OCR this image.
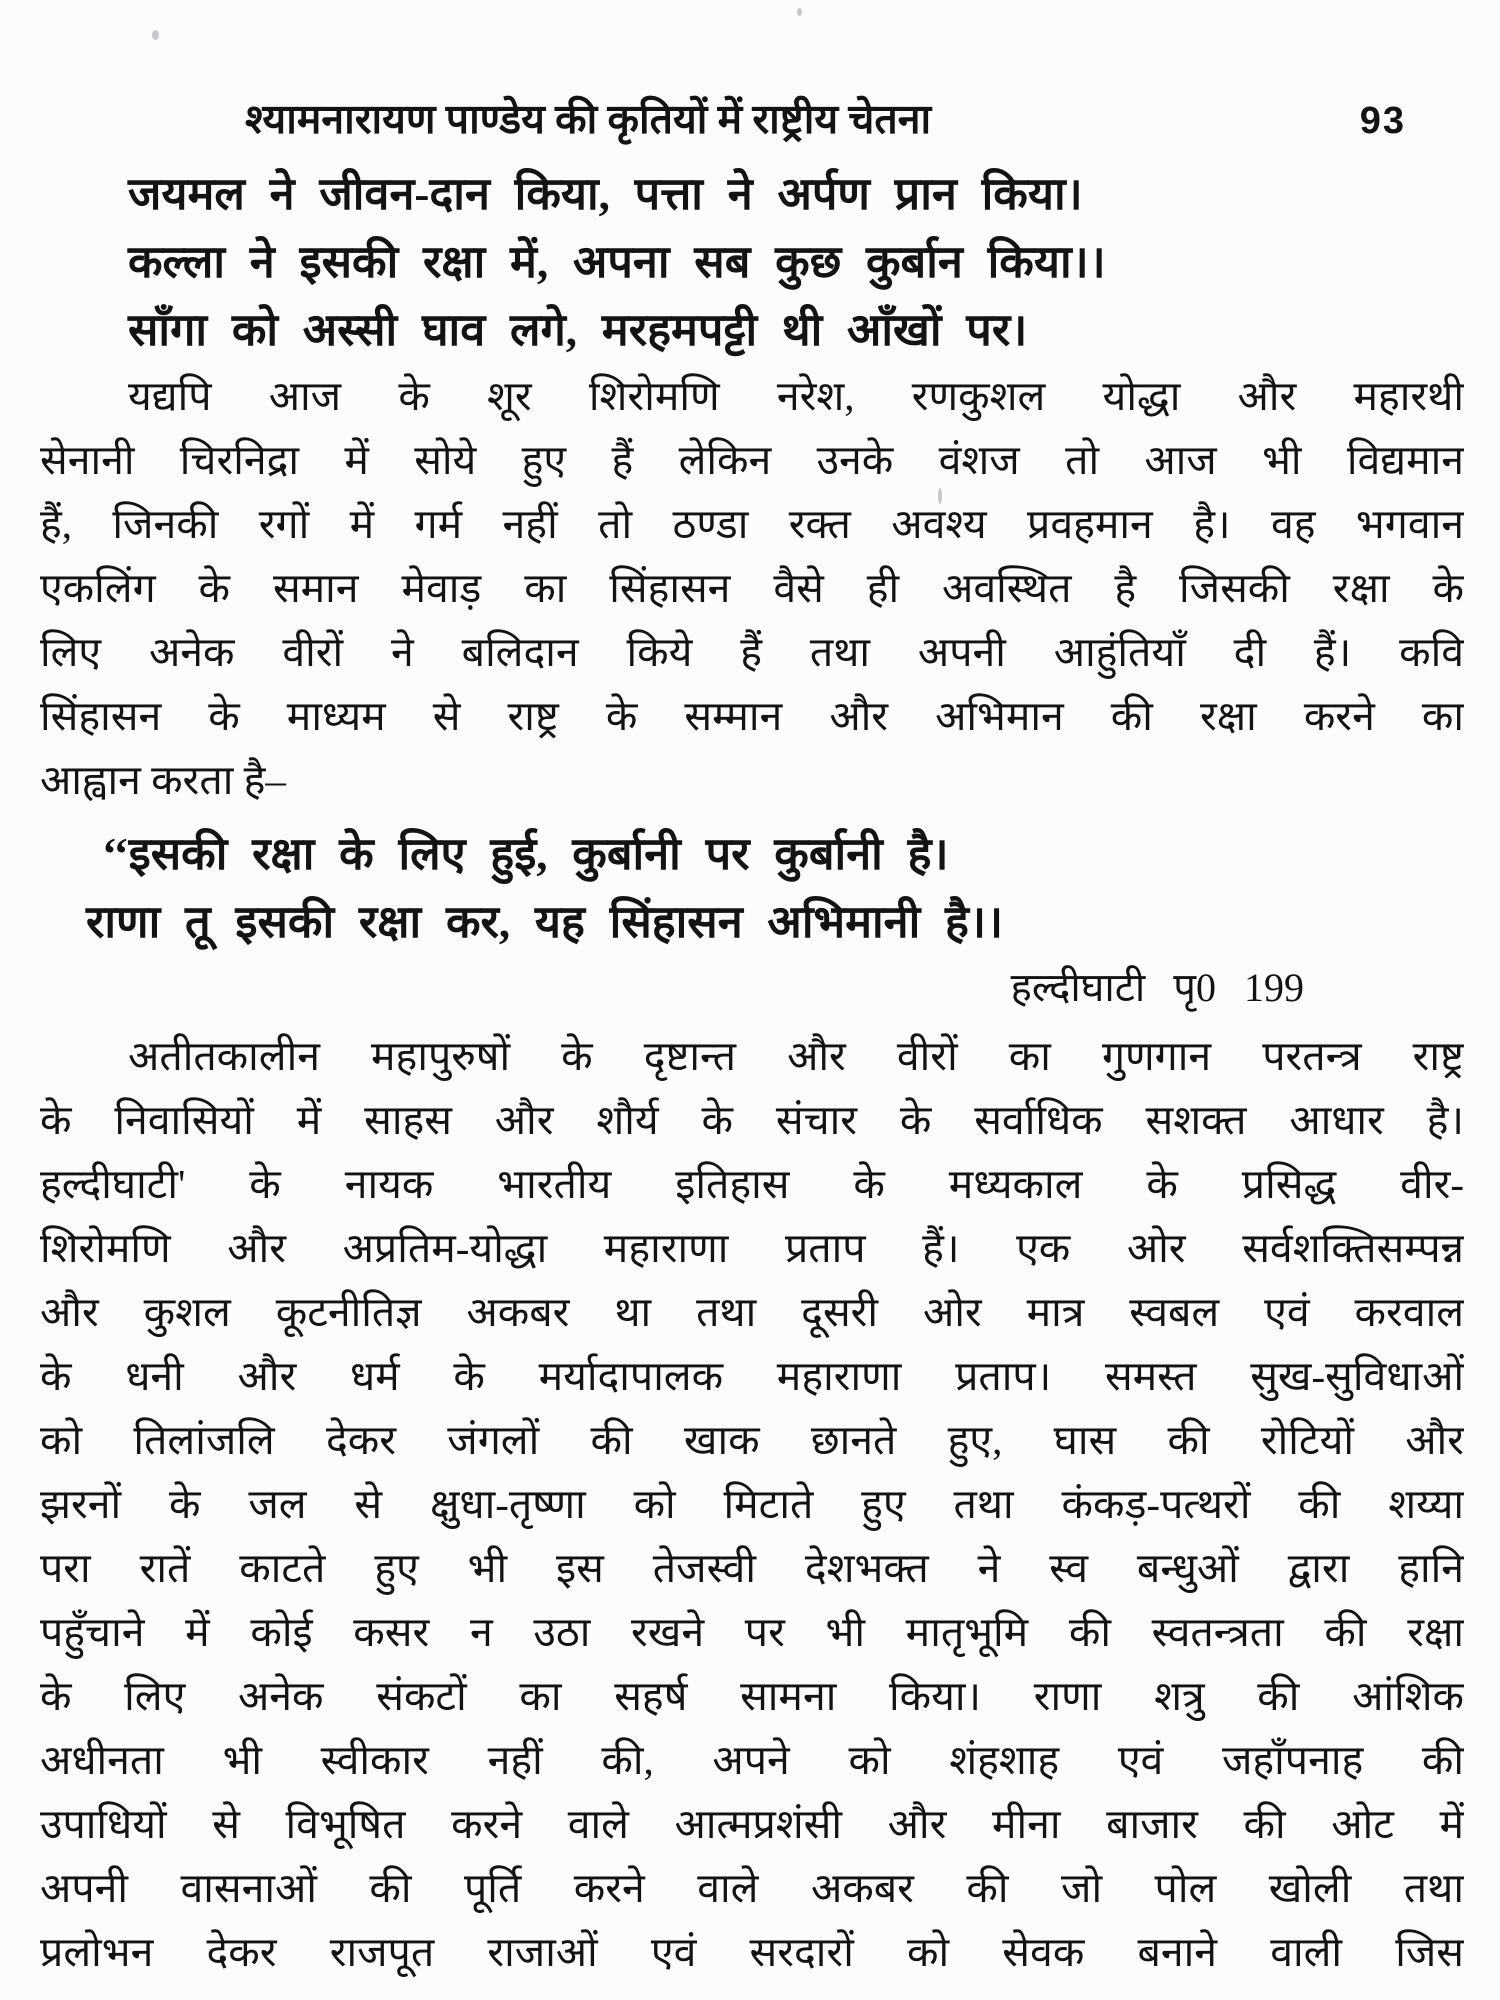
श्यामनारायण पाण्डेय की कृतियों में राष्ट्रीय चेतना	93
जयमल ने जीवन-दान किया, पत्ता ने अर्पण प्रान किया।
कल्ला ने इसकी रक्षा में, अपना सब कुछ कुर्बान किया।।
साँगा को अस्सी घाव लगे, मरहमपट्टी थी आँखों पर।
यद्यपि आज के शूर शिरोमणि नरेश, रणकुशल योद्धा और महारथी
सेनानी चिरनिद्रा में सोये हुए हैं लेकिन उनके वंशज तो आज भी विद्यमान
हैं, जिनकी रगों में गर्म नहीं तो ठण्डा रक्त अवश्य प्रवहमान है। वह भगवान
एकलिंग के समान मेवाड़ का सिंहासन वैसे ही अवस्थित है जिसकी रक्षा के
लिए अनेक वीरों ने बलिदान किये हैं तथा अपनी आहुंतियाँ दी हैं। कवि
सिंहासन के माध्यम से राष्ट्र के सम्मान और अभिमान की रक्षा करने का
आह्वान करता है–
‘‘इसकी रक्षा के लिए हुई, कुर्बानी पर कुर्बानी है।
राणा तू इसकी रक्षा कर, यह सिंहासन अभिमानी है।।
हल्दीघाटी पृ0 199
अतीतकालीन महापुरुषों के दृष्टान्त और वीरों का गुणगान परतन्त्र राष्ट्र
के निवासियों में साहस और शौर्य के संचार के सर्वाधिक सशक्त आधार है।
हल्दीघाटी' के नायक भारतीय इतिहास के मध्यकाल के प्रसिद्ध वीर-
शिरोमणि और अप्रतिम-योद्धा महाराणा प्रताप हैं। एक ओर सर्वशक्तिसम्पन्न
और कुशल कूटनीतिज्ञ अकबर था तथा दूसरी ओर मात्र स्वबल एवं करवाल
के धनी और धर्म के मर्यादापालक महाराणा प्रताप। समस्त सुख-सुविधाओं
को तिलांजलि देकर जंगलों की खाक छानते हुए, घास की रोटियों और
झरनों के जल से क्षुधा-तृष्णा को मिटाते हुए तथा कंकड़-पत्थरों की शय्या
परा रातें काटते हुए भी इस तेजस्वी देशभक्त ने स्व बन्धुओं द्वारा हानि
पहुँचाने में कोई कसर न उठा रखने पर भी मातृभूमि की स्वतन्त्रता की रक्षा
के लिए अनेक संकटों का सहर्ष सामना किया। राणा शत्रु की आंशिक
अधीनता भी स्वीकार नहीं की, अपने को शंहशाह एवं जहाँपनाह की
उपाधियों से विभूषित करने वाले आत्मप्रशंसी और मीना बाजार की ओट में
अपनी वासनाओं की पूर्ति करने वाले अकबर की जो पोल खोली तथा
प्रलोभन देकर राजपूत राजाओं एवं सरदारों को सेवक बनाने वाली जिस
